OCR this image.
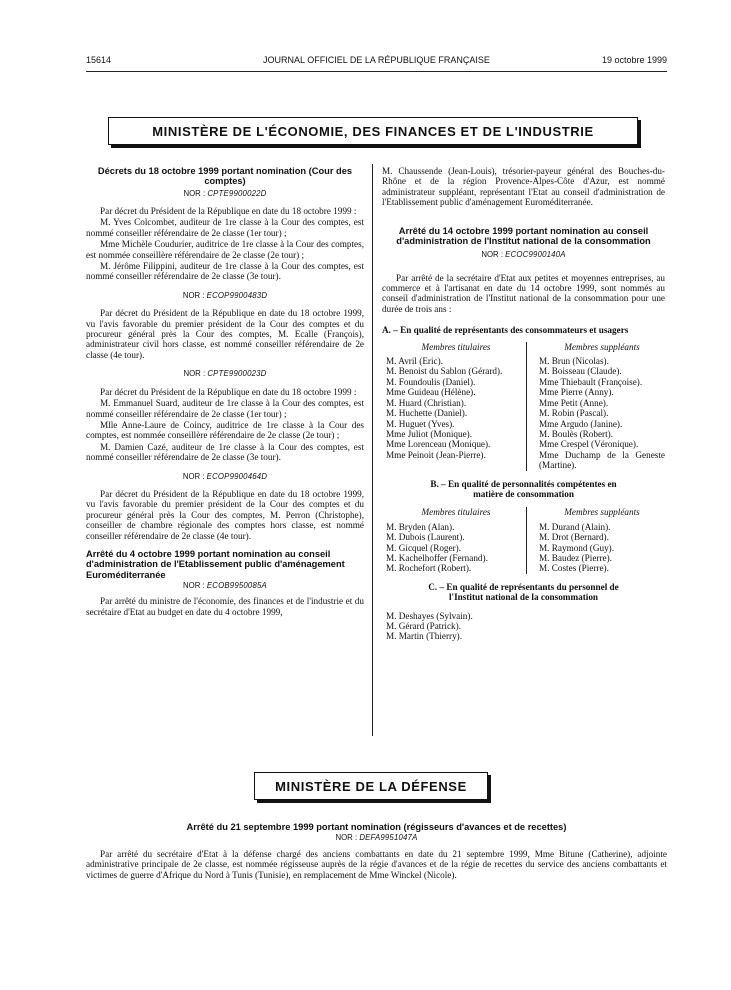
15614	JOURNAL OFFICIEL DE LA RÉPUBLIQUE FRANÇAISE	19 octobre 1999
MINISTÈRE DE L'ÉCONOMIE, DES FINANCES ET DE L'INDUSTRIE
Décrets du 18 octobre 1999 portant nomination (Cour des comptes)
NOR : CPTE9900022D

Par décret du Président de la République en date du 18 octobre 1999 :

M. Yves Colcombet, auditeur de 1re classe à la Cour des comptes, est nommé conseiller référendaire de 2e classe (1er tour) ;

Mme Michèle Coudurier, auditrice de 1re classe à la Cour des comptes, est nommée conseillère référendaire de 2e classe (2e tour) ;

M. Jérôme Filippini, auditeur de 1re classe à la Cour des comptes, est nommé conseiller référendaire de 2e classe (3e tour).

NOR : ECOP9900483D

Par décret du Président de la République en date du 18 octobre 1999, vu l'avis favorable du premier président de la Cour des comptes et du procureur général près la Cour des comptes, M. Ecalle (François), administrateur civil hors classe, est nommé conseiller référendaire de 2e classe (4e tour).

NOR : CPTE9900023D

Par décret du Président de la République en date du 18 octobre 1999 :

M. Emmanuel Suard, auditeur de 1re classe à la Cour des comptes, est nommé conseiller référendaire de 2e classe (1er tour) ;

Mlle Anne-Laure de Coincy, auditrice de 1re classe à la Cour des comptes, est nommée conseillère référendaire de 2e classe (2e tour) ;

M. Damien Cazé, auditeur de 1re classe à la Cour des comptes, est nommé conseiller référendaire de 2e classe (3e tour).

NOR : ECOP9900464D

Par décret du Président de la République en date du 18 octobre 1999, vu l'avis favorable du premier président de la Cour des comptes et du procureur général près la Cour des comptes, M. Perron (Christophe), conseiller de chambre régionale des comptes hors classe, est nommé conseiller référendaire de 2e classe (4e tour).

Arrêté du 4 octobre 1999 portant nomination au conseil d'administration de l'Etablissement public d'aménagement Euroméditerranée
NOR : ECOB9950085A

Par arrêté du ministre de l'économie, des finances et de l'industrie et du secrétaire d'Etat au budget en date du 4 octobre 1999,

M. Chaussende (Jean-Louis), trésorier-payeur général des Bouches-du-Rhône et de la région Provence-Alpes-Côte d'Azur, est nommé administrateur suppléant, représentant l'Etat au conseil d'administration de l'Etablissement public d'aménagement Euroméditerranée.

Arrêté du 14 octobre 1999 portant nomination au conseil d'administration de l'Institut national de la consommation
NOR : ECOC9900140A

Par arrêté de la secrétaire d'Etat aux petites et moyennes entreprises, au commerce et à l'artisanat en date du 14 octobre 1999, sont nommés au conseil d'administration de l'Institut national de la consommation pour une durée de trois ans :

A. – En qualité de représentants des consommateurs et usagers
Membres titulaires
M. Avril (Eric).
M. Benoist du Sablon (Gérard).
M. Foundoulis (Daniel).
Mme Guideau (Hélène).
M. Huard (Christian).
M. Huchette (Daniel).
M. Huguet (Yves).
Mme Juliot (Monique).
Mme Lorenceau (Monique).
Mme Peinoit (Jean-Pierre).
Membres suppléants
M. Brun (Nicolas).
M. Boisseau (Claude).
Mme Thiebault (Françoise).
Mme Pierre (Anny).
Mme Petit (Anne).
M. Robin (Pascal).
Mme Argudo (Janine).
M. Boulès (Robert).
Mme Crespel (Véronique).
Mme Duchamp de la Geneste (Martine).
B. – En qualité de personnalités compétentes en matière de consommation
Membres titulaires
M. Bryden (Alan).
M. Dubois (Laurent).
M. Gicquel (Roger).
M. Kachelhoffer (Fernand).
M. Rochefort (Robert).
Membres suppléants
M. Durand (Alain).
M. Drot (Bernard).
M. Raymond (Guy).
M. Baudez (Pierre).
M. Costes (Pierre).
C. – En qualité de représentants du personnel de l'Institut national de la consommation
M. Deshayes (Sylvain).
M. Gérard (Patrick).
M. Martin (Thierry).
MINISTÈRE DE LA DÉFENSE
Arrêté du 21 septembre 1999 portant nomination (régisseurs d'avances et de recettes)
NOR : DEFA9951047A

Par arrêté du secrétaire d'Etat à la défense chargé des anciens combattants en date du 21 septembre 1999, Mme Bitune (Catherine), adjointe administrative principale de 2e classe, est nommée régisseuse auprès de la régie d'avances et de la régie de recettes du service des anciens combattants et victimes de guerre d'Afrique du Nord à Tunis (Tunisie), en remplacement de Mme Winckel (Nicole).
